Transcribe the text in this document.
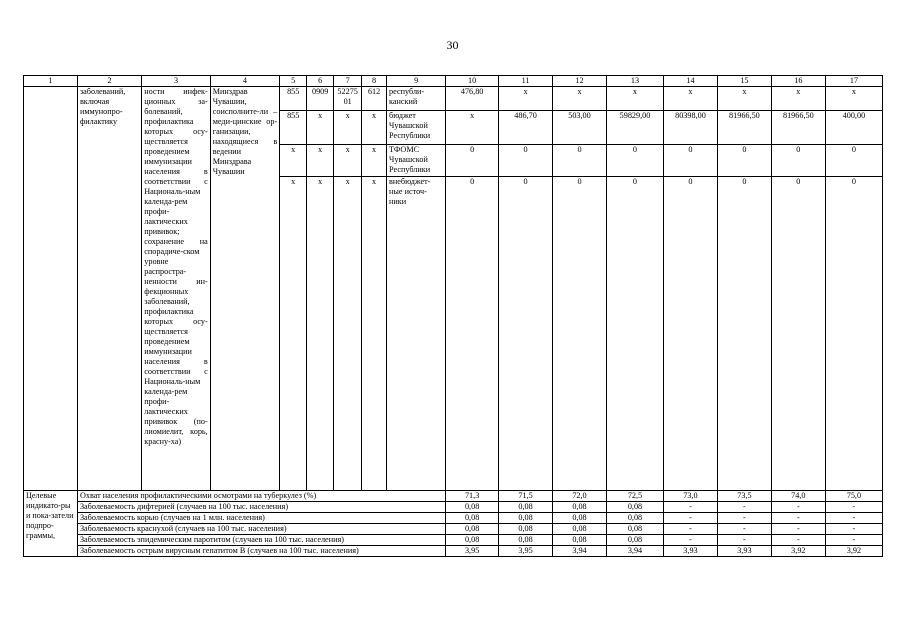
30
1	2	3	4	5	6	7	8	9	10	11	12	13	14	15	16	17
	заболеваний, включая иммунопро-филактику	ности инфек-ционных за-болеваний, профилактика которых осу-ществляется проведением иммунизации населения в соответствии с Националь-ным календа-рем профи-лактических прививок; сохранение на спорадиче-ском уровне распростра-ненности ин-фекционных заболеваний, профилактика которых осу-ществляется проведением иммунизации населения в соответствии с Националь-ным календа-рем профи-лактических прививок (по-лиомиелит, корь, красну-ха)	Минздрав Чувашии, соисполните-ли – меди-цинские ор-ганизации, находящиеся в ведении Минздрава Чувашии	855	0909	52275 01	612	республи-канский	476,80	x	x	x	x	x	x	x
				855	x	x	x	бюджет Чувашской Республики	x	486,70	503,00	59829,00	80398,00	81966,50	81966,50	400,00
				x	x	x	x	ТФОМС Чувашской Республики	0	0	0	0	0	0	0	0
				x	x	x	x	внебюджет-ные источ-ники	0	0	0	0	0	0	0	0
Целевые индикато-ры и пока-затели подпро-граммы,	Охват населения профилактическими осмотрами на туберкулез (%)								71,3	71,5	72,0	72,5	73,0	73,5	74,0	75,0
	Заболеваемость дифтерией (случаев на 100 тыс. населения)								0,08	0,08	0,08	0,08	-	-	-	-
	Заболеваемость корью (случаев на 1 млн. населения)								0,08	0,08	0,08	0,08	-	-	-	-
	Заболеваемость краснухой (случаев на 100 тыс. населения)								0,08	0,08	0,08	0,08	-	-	-	-
	Заболеваемость эпидемическим паротитом (случаев на 100 тыс. населения)								0,08	0,08	0,08	0,08	-	-	-	-
	Заболеваемость острым вирусным гепатитом В (случаев на 100 тыс. населения)								3,95	3,95	3,94	3,94	3,93	3,93	3,92	3,92
